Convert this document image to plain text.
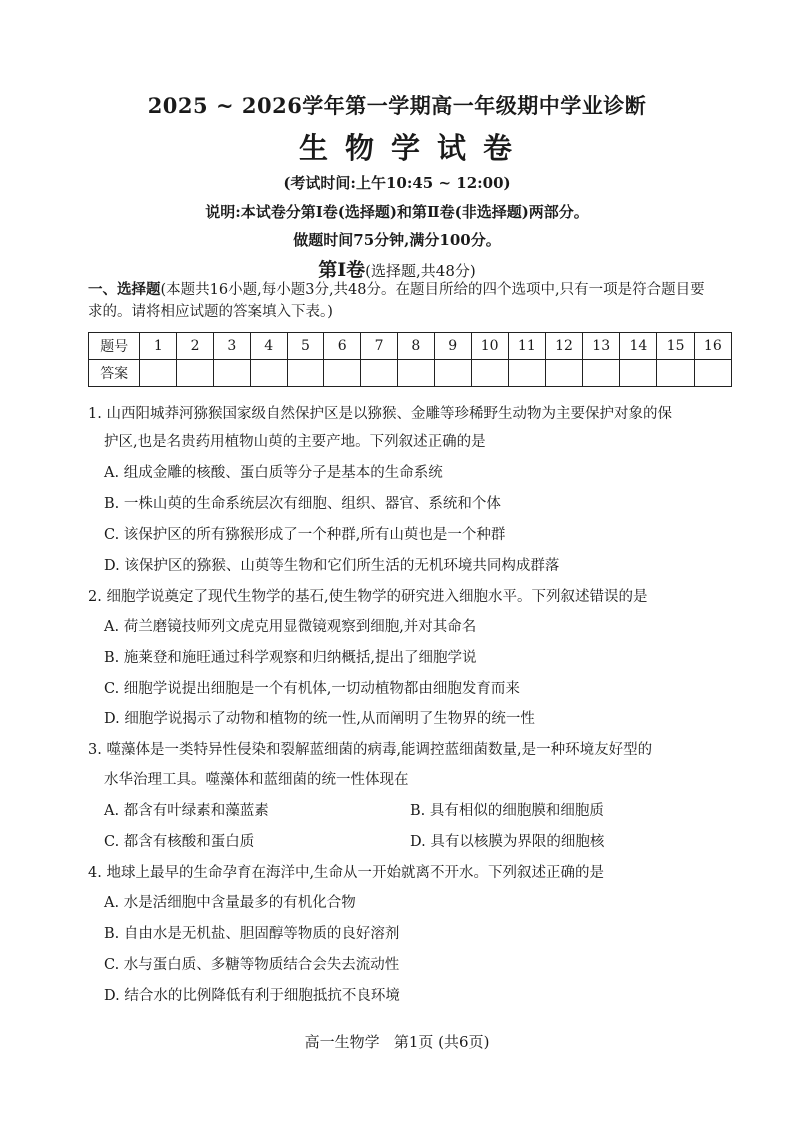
2025 ~ 2026学年第一学期高一年级期中学业诊断
生物学试卷
(考试时间:上午10:45 ~ 12:00)
说明:本试卷分第Ⅰ卷(选择题)和第Ⅱ卷(非选择题)两部分。
做题时间75分钟,满分100分。
第Ⅰ卷(选择题,共48分)
一、选择题(本题共16小题,每小题3分,共48分。在题目所给的四个选项中,只有一项是符合题目要求的。请将相应试题的答案填入下表。)
题号	1	2	3	4	5	6	7	8	9	10	11	12	13	14	15	16
答案																
1. 山西阳城莽河猕猴国家级自然保护区是以猕猴、金雕等珍稀野生动物为主要保护对象的保
护区,也是名贵药用植物山萸的主要产地。下列叙述正确的是
A. 组成金雕的核酸、蛋白质等分子是基本的生命系统
B. 一株山萸的生命系统层次有细胞、组织、器官、系统和个体
C. 该保护区的所有猕猴形成了一个种群,所有山萸也是一个种群
D. 该保护区的猕猴、山萸等生物和它们所生活的无机环境共同构成群落
2. 细胞学说奠定了现代生物学的基石,使生物学的研究进入细胞水平。下列叙述错误的是
A. 荷兰磨镜技师列文虎克用显微镜观察到细胞,并对其命名
B. 施莱登和施旺通过科学观察和归纳概括,提出了细胞学说
C. 细胞学说提出细胞是一个有机体,一切动植物都由细胞发育而来
D. 细胞学说揭示了动物和植物的统一性,从而阐明了生物界的统一性
3. 噬藻体是一类特异性侵染和裂解蓝细菌的病毒,能调控蓝细菌数量,是一种环境友好型的
水华治理工具。噬藻体和蓝细菌的统一性体现在
A. 都含有叶绿素和藻蓝素	B. 具有相似的细胞膜和细胞质
C. 都含有核酸和蛋白质	D. 具有以核膜为界限的细胞核
4. 地球上最早的生命孕育在海洋中,生命从一开始就离不开水。下列叙述正确的是
A. 水是活细胞中含量最多的有机化合物
B. 自由水是无机盐、胆固醇等物质的良好溶剂
C. 水与蛋白质、多糖等物质结合会失去流动性
D. 结合水的比例降低有利于细胞抵抗不良环境
高一生物学   第1页 (共6页)
